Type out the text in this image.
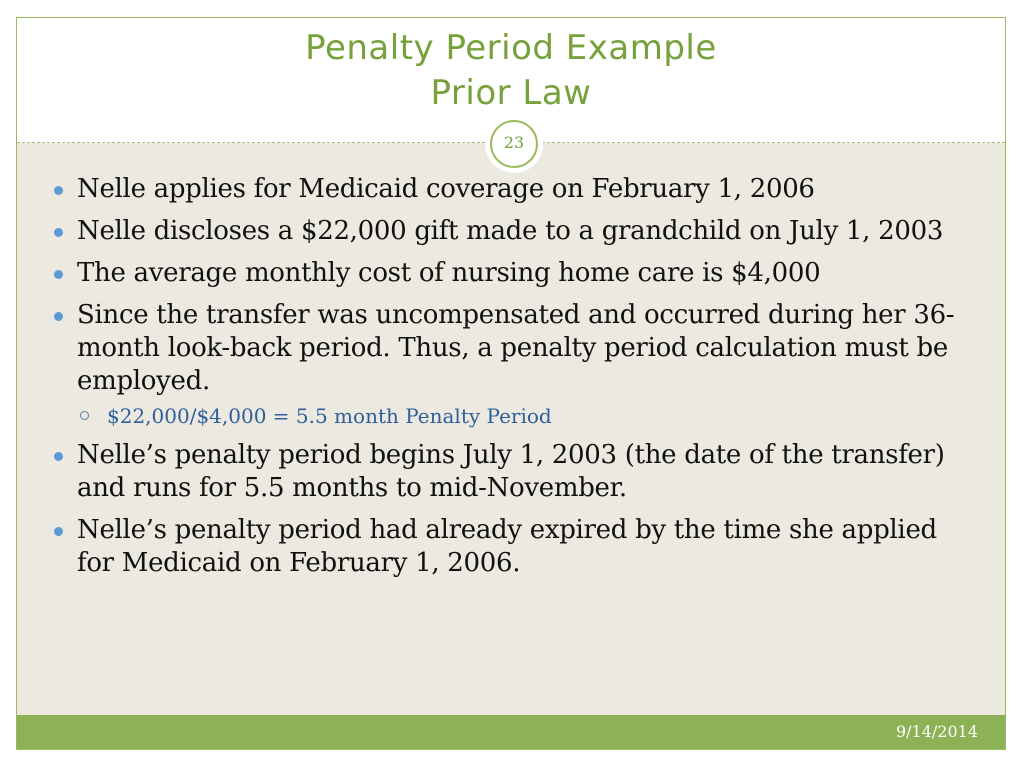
Penalty Period Example
Prior Law
23
Nelle applies for Medicaid coverage on February 1, 2006
Nelle discloses a $22,000 gift made to a grandchild on July 1, 2003
The average monthly cost of nursing home care is $4,000
Since the transfer was uncompensated and occurred during her 36-month look-back period. Thus, a penalty period calculation must be employed.
$22,000/$4,000 = 5.5 month Penalty Period
Nelle’s penalty period begins July 1, 2003 (the date of the transfer) and runs for 5.5 months to mid-November.
Nelle’s penalty period had already expired by the time she applied for Medicaid on February 1, 2006.
9/14/2014
